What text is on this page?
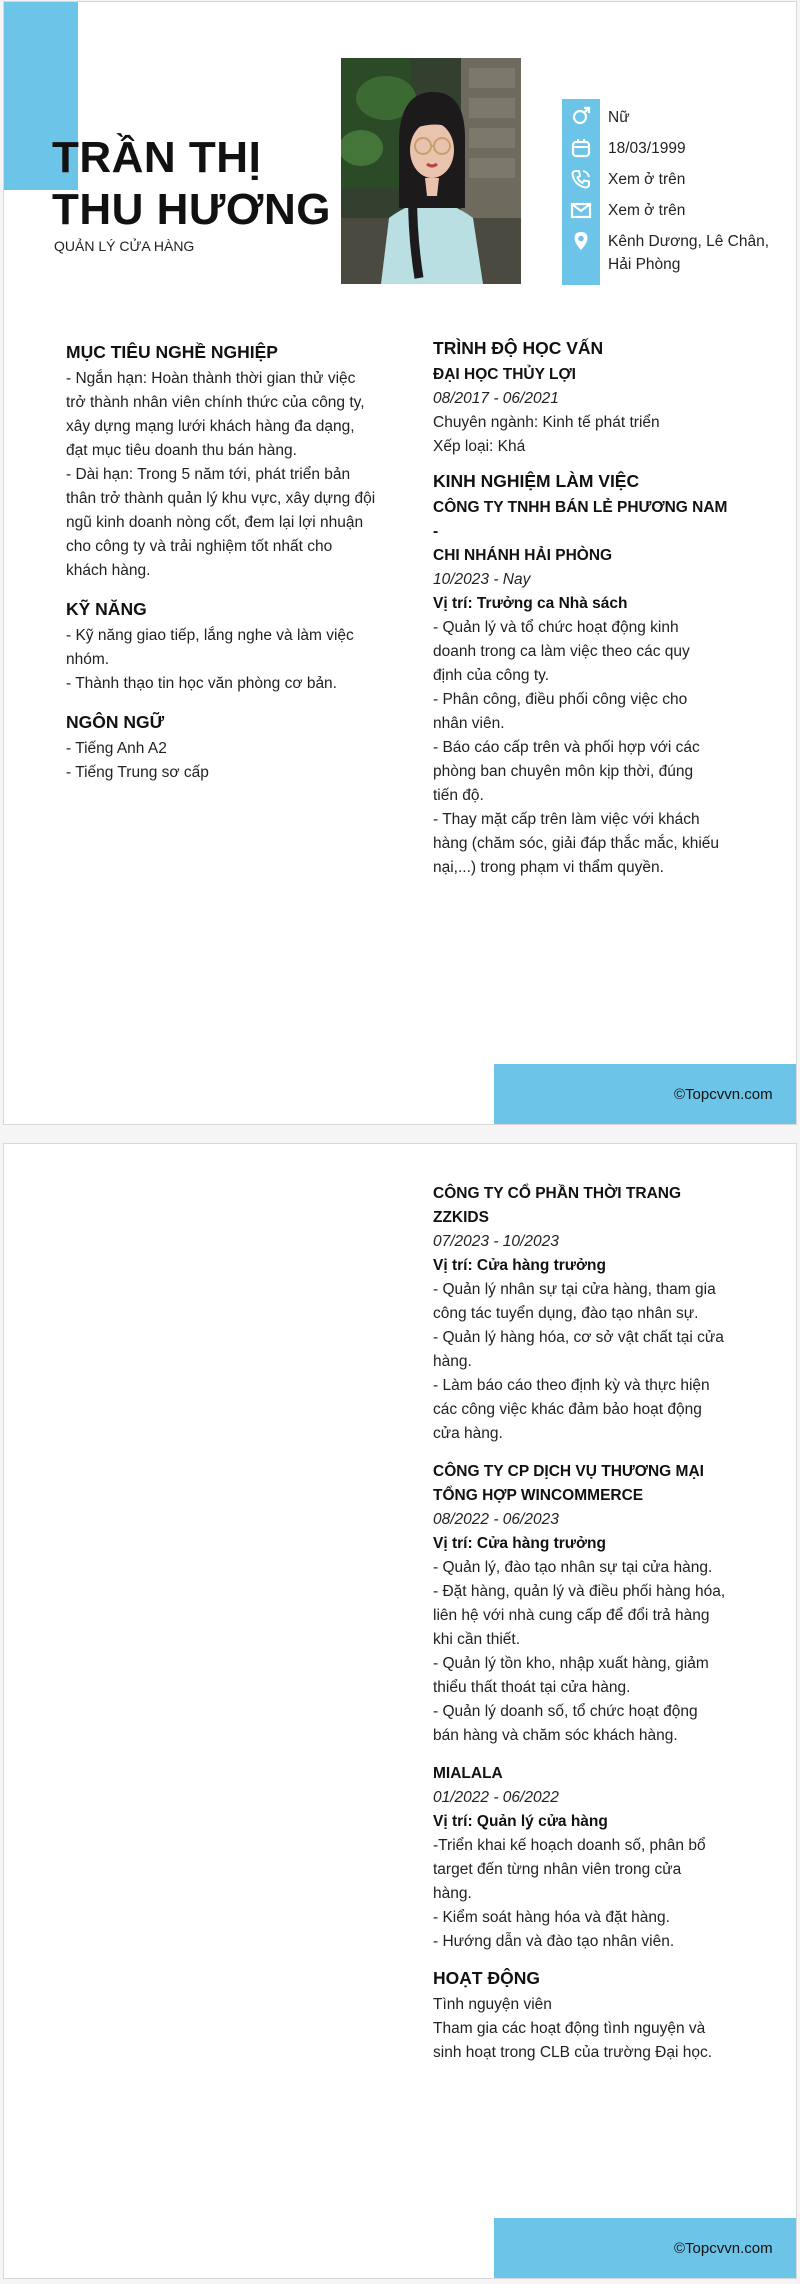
TRẦN THỊ
THU HƯƠNG
QUẢN LÝ CỬA HÀNG
Nữ
18/03/1999
Xem ở trên
Xem ở trên
Kênh Dương, Lê Chân,
Hải Phòng
MỤC TIÊU NGHỀ NGHIỆP
- Ngắn hạn: Hoàn thành thời gian thử việc
trở thành nhân viên chính thức của công ty,
xây dựng mạng lưới khách hàng đa dạng,
đạt mục tiêu doanh thu bán hàng.
- Dài hạn: Trong 5 năm tới, phát triển bản
thân trở thành quản lý khu vực, xây dựng đội
ngũ kinh doanh nòng cốt, đem lại lợi nhuận
cho công ty và trải nghiệm tốt nhất cho
khách hàng.
KỸ NĂNG
- Kỹ năng giao tiếp, lắng nghe và làm việc
nhóm.
- Thành thạo tin học văn phòng cơ bản.
NGÔN NGỮ
- Tiếng Anh A2
- Tiếng Trung sơ cấp
TRÌNH ĐỘ HỌC VẤN
ĐẠI HỌC THỦY LỢI
08/2017 - 06/2021
Chuyên ngành: Kinh tế phát triển
Xếp loại: Khá
KINH NGHIỆM LÀM VIỆC
CÔNG TY TNHH BÁN LẺ PHƯƠNG NAM -
CHI NHÁNH HẢI PHÒNG
10/2023 - Nay
Vị trí: Trưởng ca Nhà sách
- Quản lý và tổ chức hoạt động kinh
doanh trong ca làm việc theo các quy
định của công ty.
- Phân công, điều phối công việc cho
nhân viên.
- Báo cáo cấp trên và phối hợp với các
phòng ban chuyên môn kịp thời, đúng
tiến độ.
- Thay mặt cấp trên làm việc với khách
hàng (chăm sóc, giải đáp thắc mắc, khiếu
nại,...) trong phạm vi thẩm quyền.
©Topcvvn.com
CÔNG TY CỔ PHẦN THỜI TRANG
ZZKIDS
07/2023 - 10/2023
Vị trí: Cửa hàng trưởng
- Quản lý nhân sự tại cửa hàng, tham gia
công tác tuyển dụng, đào tạo nhân sự.
- Quản lý hàng hóa, cơ sở vật chất tại cửa
hàng.
- Làm báo cáo theo định kỳ và thực hiện
các công việc khác đảm bảo hoạt động
cửa hàng.
CÔNG TY CP DỊCH VỤ THƯƠNG MẠI
TỔNG HỢP WINCOMMERCE
08/2022 - 06/2023
Vị trí: Cửa hàng trưởng
- Quản lý, đào tạo nhân sự tại cửa hàng.
- Đặt hàng, quản lý và điều phối hàng hóa,
liên hệ với nhà cung cấp để đổi trả hàng
khi cần thiết.
- Quản lý tồn kho, nhập xuất hàng, giảm
thiểu thất thoát tại cửa hàng.
- Quản lý doanh số, tổ chức hoạt động
bán hàng và chăm sóc khách hàng.
MIALALA
01/2022 - 06/2022
Vị trí: Quản lý cửa hàng
-Triển khai kế hoạch doanh số, phân bổ
target đến từng nhân viên trong cửa
hàng.
- Kiểm soát hàng hóa và đặt hàng.
- Hướng dẫn và đào tạo nhân viên.
HOẠT ĐỘNG
Tình nguyện viên
Tham gia các hoạt động tình nguyện và
sinh hoạt trong CLB của trường Đại học.
©Topcvvn.com
